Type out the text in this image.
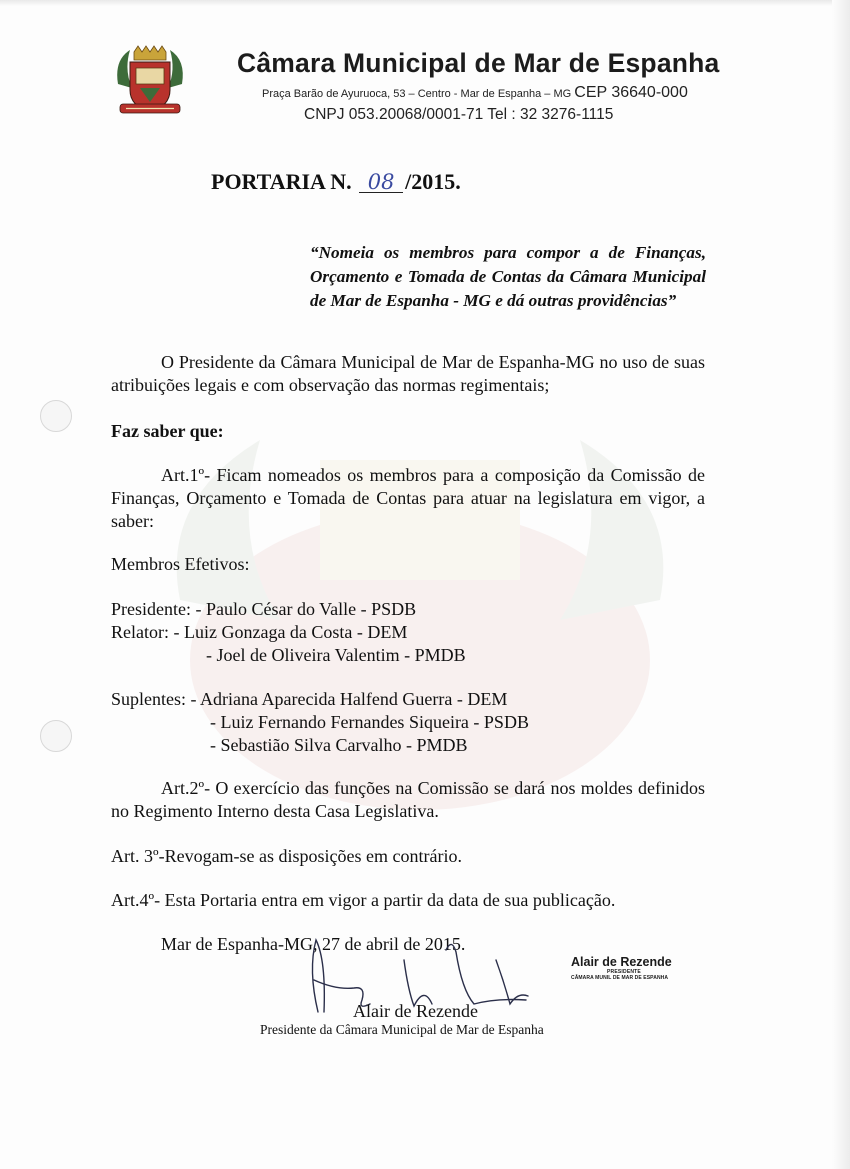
Câmara Municipal de Mar de Espanha
Praça Barão de Ayuruoca, 53 – Centro - Mar de Espanha – MG CEP 36640-000
CNPJ 053.20068/0001-71 Tel : 32 3276-1115
PORTARIA N. 08 /2015.
“Nomeia os membros para compor a de Finanças, Orçamento e Tomada de Contas da Câmara Municipal de Mar de Espanha - MG e dá outras providências”
O Presidente da Câmara Municipal de Mar de Espanha-MG no uso de suas atribuições legais e com observação das normas regimentais;
Faz saber que:
Art.1º- Ficam nomeados os membros para a composição da Comissão de Finanças, Orçamento e Tomada de Contas para atuar na legislatura em vigor, a saber:
Membros Efetivos:
Presidente: - Paulo César do Valle - PSDB
Relator: - Luiz Gonzaga da Costa - DEM
- Joel de Oliveira Valentim - PMDB
Suplentes: - Adriana Aparecida Halfend Guerra - DEM
- Luiz Fernando Fernandes Siqueira - PSDB
- Sebastião Silva Carvalho - PMDB
Art.2º- O exercício das funções na Comissão se dará nos moldes definidos no Regimento Interno desta Casa Legislativa.
Art. 3º-Revogam-se as disposições em contrário.
Art.4º- Esta Portaria entra em vigor a partir da data de sua publicação.
Mar de Espanha-MG, 27 de abril de 2015.
Alair de Rezende
Presidente da Câmara Municipal de Mar de Espanha
Alair de Rezende
PRESIDENTE
CÂMARA MUNIL DE MAR DE ESPANHA
